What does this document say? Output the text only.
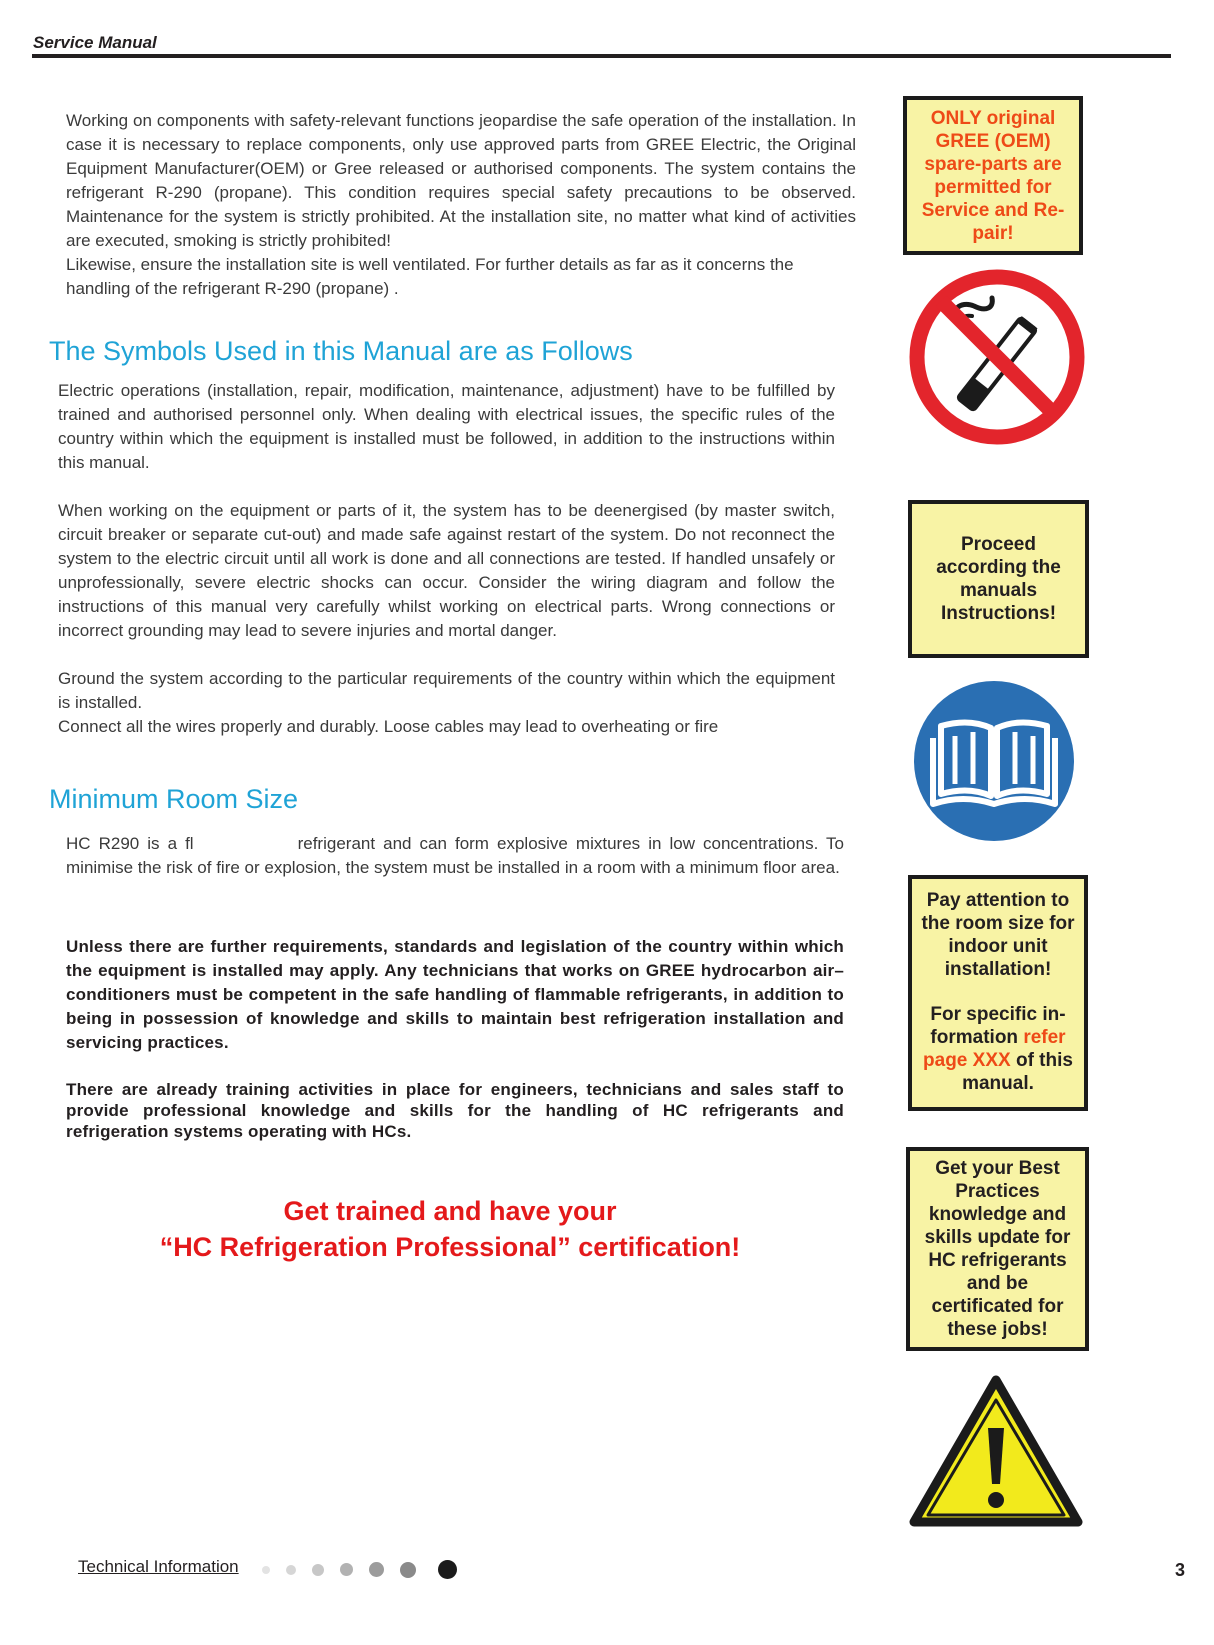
Service Manual

Working on components with safety-relevant functions jeopardise the safe operation of the installation. In case it is necessary to replace components, only use approved parts from GREE Electric, the Original Equipment Manufacturer(OEM) or Gree released or authorised components. The system contains the refrigerant R-290 (propane). This condition requires special safety precautions to be observed. Maintenance for the system is strictly prohibited. At the installation site, no matter what kind of activities are executed, smoking is strictly prohibited!

Likewise, ensure the installation site is well ventilated. For further details as far as it concerns the handling of the refrigerant R-290 (propane) .

The Symbols Used in this Manual are as Follows

Electric operations (installation, repair, modification, maintenance, adjustment) have to be fulfilled by trained and authorised personnel only. When dealing with electrical issues, the specific rules of the country within which the equipment is installed must be followed, in addition to the instructions within this manual.

When working on the equipment or parts of it, the system has to be deenergised (by master switch, circuit breaker or separate cut-out) and made safe against restart of the system. Do not reconnect the system to the electric circuit until all work is done and all connections are tested. If handled unsafely or unprofessionally, severe electric shocks can occur. Consider the wiring diagram and follow the instructions of this manual very carefully whilst working on electrical parts. Wrong connections or incorrect grounding may lead to severe injuries and mortal danger.

Ground the system according to the particular requirements of the country within which the equipment is installed.

Connect all the wires properly and durably. Loose cables may lead to overheating or fire

Minimum Room Size

HC R290 is a fl	refrigerant and can form explosive mixtures in low concentrations. To minimise the risk of fire or explosion, the system must be installed in a room with a minimum floor area.

Unless there are further requirements, standards and legislation of the country within which the equipment is installed may apply. Any technicians that works on GREE hydrocarbon air– conditioners must be competent in the safe handling of flammable refrigerants, in addition to being in possession of knowledge and skills to maintain best refrigeration installation and servicing practices.

There are already training activities in place for engineers, technicians and sales staff to provide professional knowledge and skills for the handling of HC refrigerants and refrigeration systems operating with HCs.

Get trained and have your
“HC Refrigeration Professional” certification!

ONLY original GREE (OEM) spare-parts are permitted for Service and Re-pair!

Proceed according the manuals Instructions!

Pay attention to the room size for indoor unit installation!

For specific in-formation refer page XXX of this manual.

Get your Best Practices knowledge and skills update for HC refrigerants and be certificated for these jobs!

Technical Information	3
